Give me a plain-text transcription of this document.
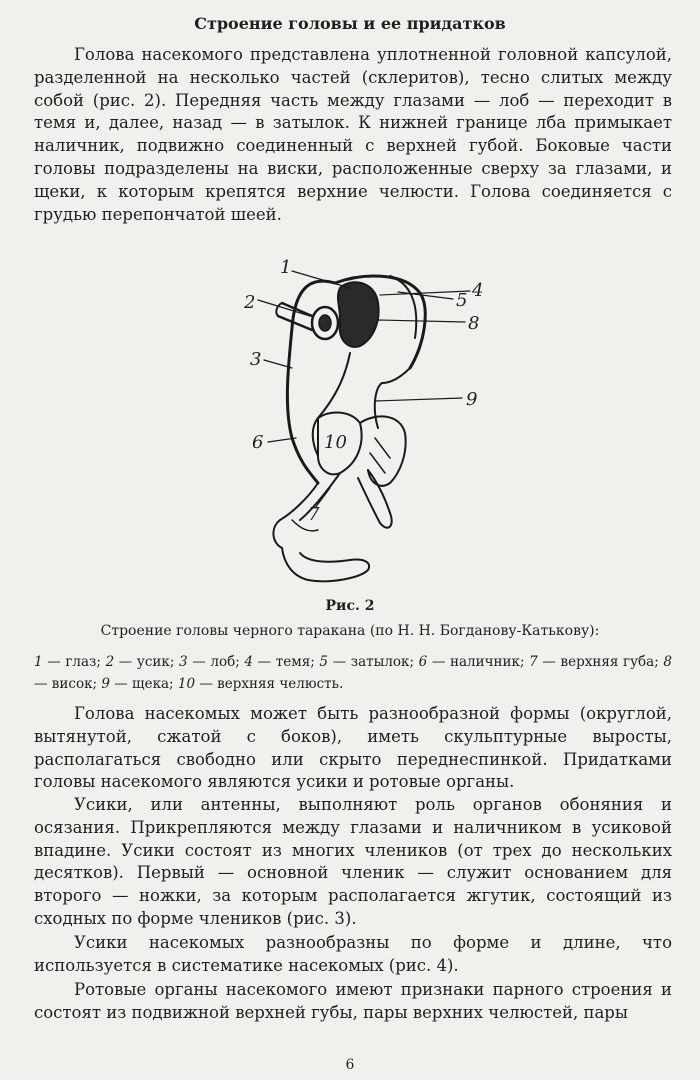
Строение головы и ее придатков

Голова насекомого представлена уплотненной головной капсулой, разделенной на несколько частей (склеритов), тесно слитых между собой (рис. 2). Передняя часть между глазами — лоб — переходит в темя и, далее, назад — в затылок. К нижней границе лба примыкает наличник, подвижно соединенный с верхней губой. Боковые части головы подразделены на виски, расположенные сверху за глазами, и щеки, к которым крепятся верхние челюсти. Голова соединяется с грудью перепончатой шеей.

1
2
3
4
5
6
7
8
9
10
Рис. 2
Строение головы черного таракана (по Н. Н. Богданову-Катькову):
1 — глаз; 2 — усик; 3 — лоб; 4 — темя; 5 — затылок; 6 — наличник; 7 — верхняя губа; 8 — висок; 9 — щека; 10 — верхняя челюсть.

Голова насекомых может быть разнообразной формы (округлой, вытянутой, сжатой с боков), иметь скульптурные выросты, располагаться свободно или скрыто переднеспинкой. Придатками головы насекомого являются усики и ротовые органы.

Усики, или антенны, выполняют роль органов обоняния и осязания. Прикрепляются между глазами и наличником в усиковой впадине. Усики состоят из многих члеников (от трех до нескольких десятков). Первый — основной членик — служит основанием для второго — ножки, за которым располагается жгутик, состоящий из сходных по форме члеников (рис. 3).

Усики насекомых разнообразны по форме и длине, что используется в систематике насекомых (рис. 4).

Ротовые органы насекомого имеют признаки парного строения и состоят из подвижной верхней губы, пары верхних челюстей, пары

6
